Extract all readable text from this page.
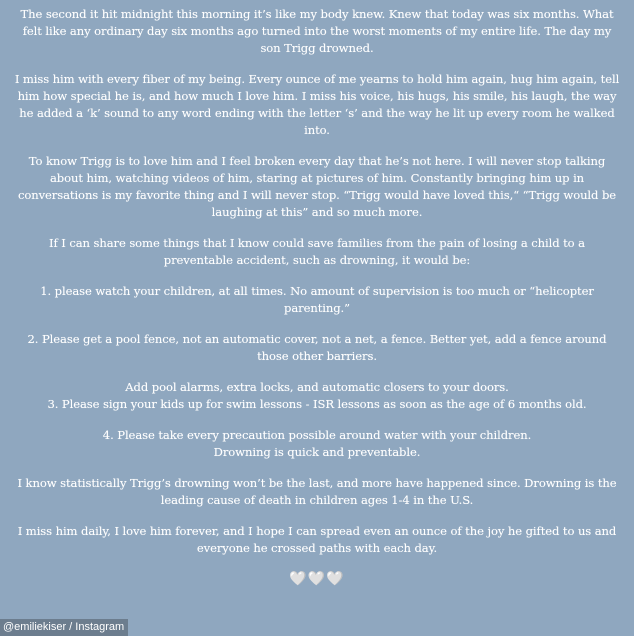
The second it hit midnight this morning it’s like my body knew. Knew that today was six months. What felt like any ordinary day six months ago turned into the worst moments of my entire life. The day my son Trigg drowned.

I miss him with every fiber of my being. Every ounce of me yearns to hold him again, hug him again, tell him how special he is, and how much I love him. I miss his voice, his hugs, his smile, his laugh, the way he added a ‘k’ sound to any word ending with the letter ‘s’ and the way he lit up every room he walked into.

To know Trigg is to love him and I feel broken every day that he’s not here. I will never stop talking about him, watching videos of him, staring at pictures of him. Constantly bringing him up in conversations is my favorite thing and I will never stop. “Trigg would have loved this,“ “Trigg would be laughing at this” and so much more.

If I can share some things that I know could save families from the pain of losing a child to a preventable accident, such as drowning, it would be:

1. please watch your children, at all times. No amount of supervision is too much or “helicopter parenting.”

2. Please get a pool fence, not an automatic cover, not a net, a fence. Better yet, add a fence around those other barriers.

Add pool alarms, extra locks, and automatic closers to your doors.

3. Please sign your kids up for swim lessons - ISR lessons as soon as the age of 6 months old.

4. Please take every precaution possible around water with your children.

Drowning is quick and preventable.

I know statistically Trigg’s drowning won’t be the last, and more have happened since. Drowning is the leading cause of death in children ages 1-4 in the U.S.

I miss him daily, I love him forever, and I hope I can spread even an ounce of the joy he gifted to us and everyone he crossed paths with each day.

🤍🤍🤍
@emiliekiser / Instagram
